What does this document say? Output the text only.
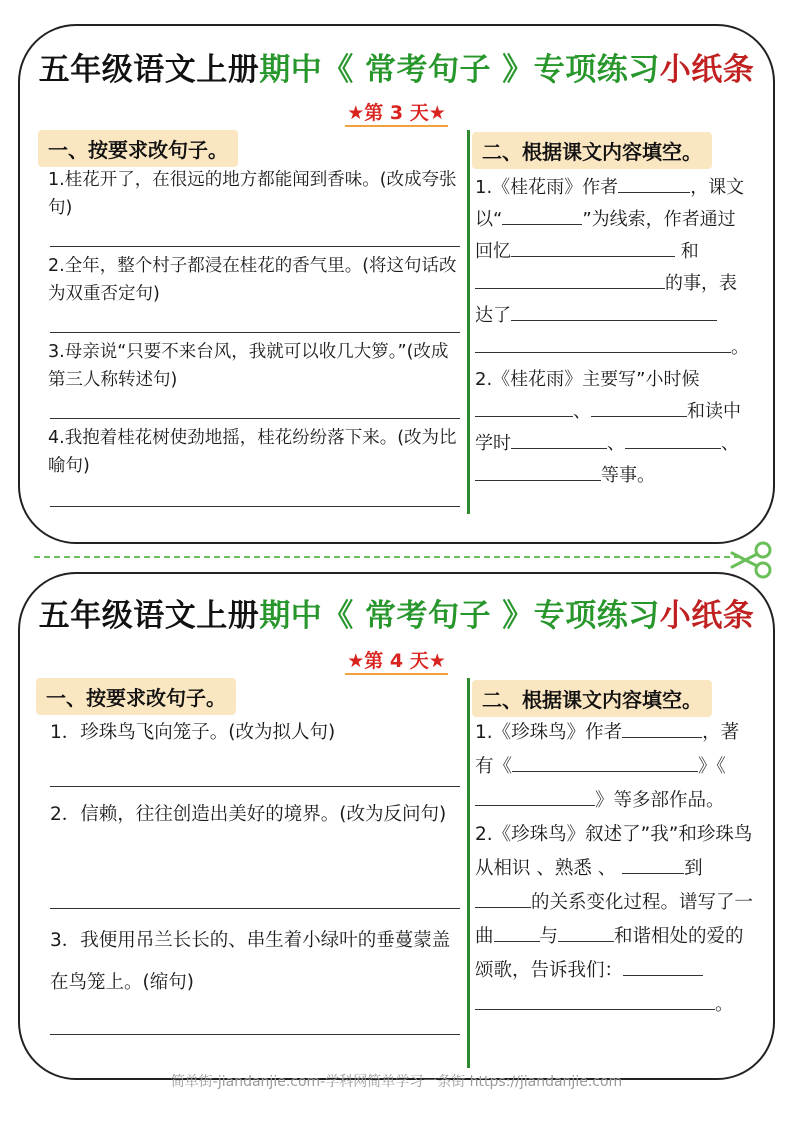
五年级语文上册期中《 常考句子 》专项练习小纸条
★第 3 天★
一、按要求改句子。	二、根据课文内容填空。
1.桂花开了，在很远的地方都能闻到香味。(改成夸张句)
2.全年，整个村子都浸在桂花的香气里。(将这句话改为双重否定句)
3.母亲说“只要不来台风，我就可以收几大箩。”(改成第三人称转述句)
4.我抱着桂花树使劲地摇，桂花纷纷落下来。(改为比喻句)
1.《桂花雨》作者	，课文以“	”为线索，作者通过回忆	和的事，表达了 。
2.《桂花雨》主要写”小时候 、	和读中学时	、	、 等事。
五年级语文上册期中《 常考句子 》专项练习小纸条
★第 4 天★
一、按要求改句子。	二、根据课文内容填空。
1．珍珠鸟飞向笼子。(改为拟人句)
2．信赖，往往创造出美好的境界。(改为反问句)
3．我便用吊兰长长的、串生着小绿叶的垂蔓蒙盖在鸟笼上。(缩句)
1.《珍珠鸟》作者	，著有《	》《》等多部作品。
2.《珍珠鸟》叙述了”我”和珍珠鸟从相识 、熟悉 、	到的关系变化过程。谱写了一曲 与	和谐相处的爱的颂歌，告诉我们： 。
简单街-jiandanjie.com-学科网简单学习一条街 https://jiandanjie.com
